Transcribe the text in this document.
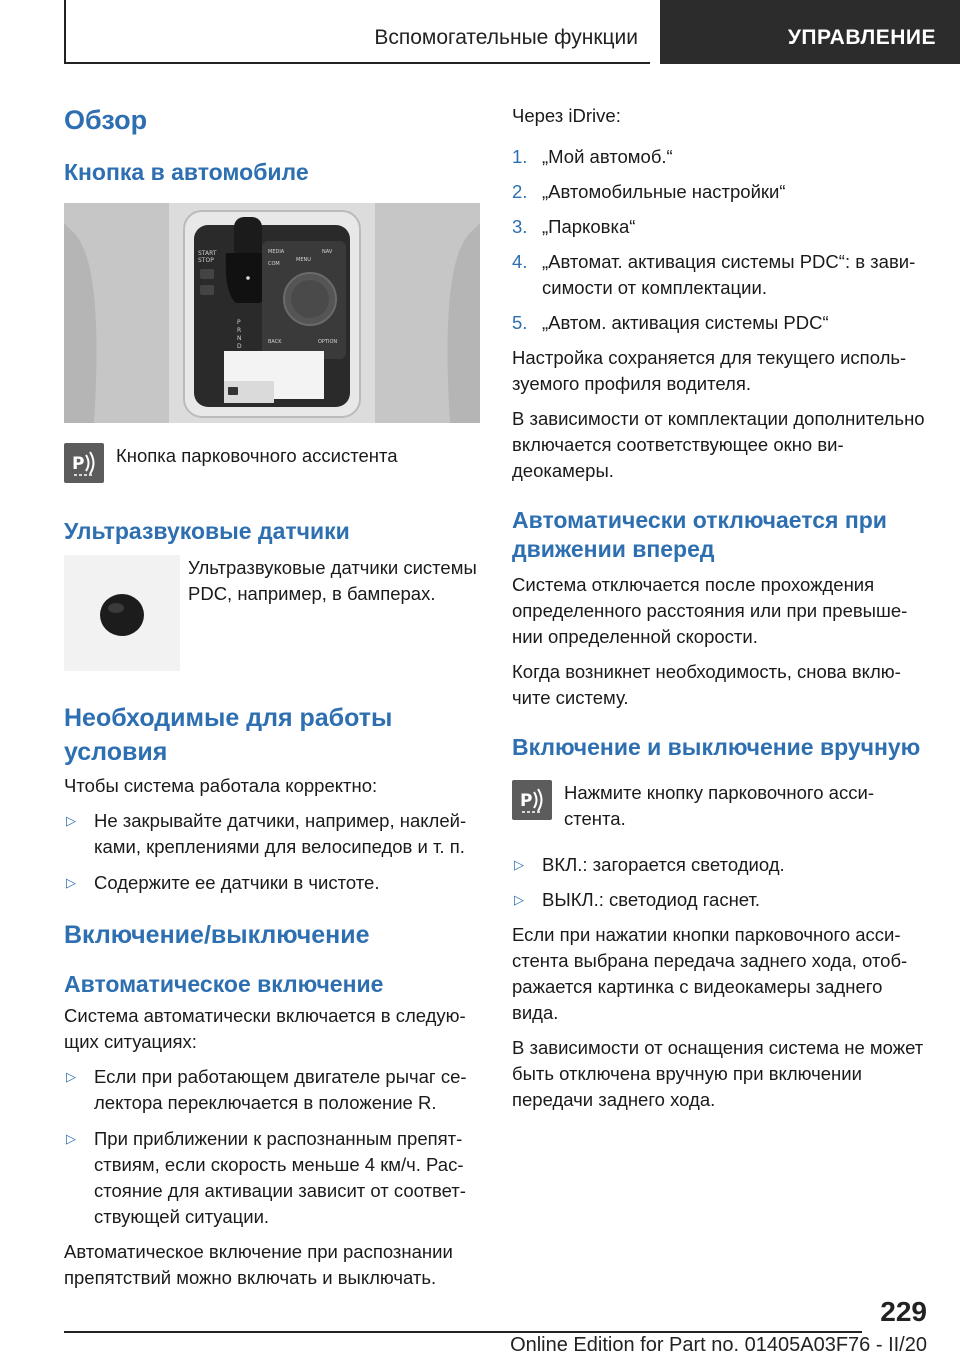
Вспомогательные функции	УПРАВЛЕНИЕ
Обзор
Кнопка в автомобиле
START
STOP
P
R
N
D
MEDIA
COM
NAV
MENU
BACK	OPTION
P	Кнопка парковочного ассистента

Ультразвуковые датчики

Ультразвуковые датчики системы PDC, например, в бамперах.

Необходимые для работы условия

Чтобы система работала корректно:

▷ Не закрывайте датчики, например, наклейками, креплениями для велосипедов и т. п.
▷ Содержите ее датчики в чистоте.
Включение/выключение
Автоматическое включение

Система автоматически включается в следующих ситуациях:

▷ Если при работающем двигателе рычаг селектора переключается в положение R.
▷ При приближении к распознанным препятствиям, если скорость меньше 4 км/ч. Расстояние для активации зависит от соответствующей ситуации.

Автоматическое включение при распознании препятствий можно включать и выключать.

Через iDrive:

1. „Мой автомоб.“
2. „Автомобильные настройки“
3. „Парковка“
4. „Автомат. активация системы PDC“: в зависимости от комплектации.
5. „Автом. активация системы PDC“

Настройка сохраняется для текущего используемого профиля водителя.

В зависимости от комплектации дополнительно включается соответствующее окно видеокамеры.

Автоматически отключается при движении вперед

Система отключается после прохождения определенного расстояния или при превышении определенной скорости.

Когда возникнет необходимость, снова включите систему.

Включение и выключение вручную
P	Нажмите кнопку парковочного ассистента.

▷ ВКЛ.: загорается светодиод.
▷ ВЫКЛ.: светодиод гаснет.

Если при нажатии кнопки парковочного ассистента выбрана передача заднего хода, отображается картинка с видеокамеры заднего вида.

В зависимости от оснащения система не может быть отключена вручную при включении передачи заднего хода.

229
Online Edition for Part no. 01405A03F76 - II/20
